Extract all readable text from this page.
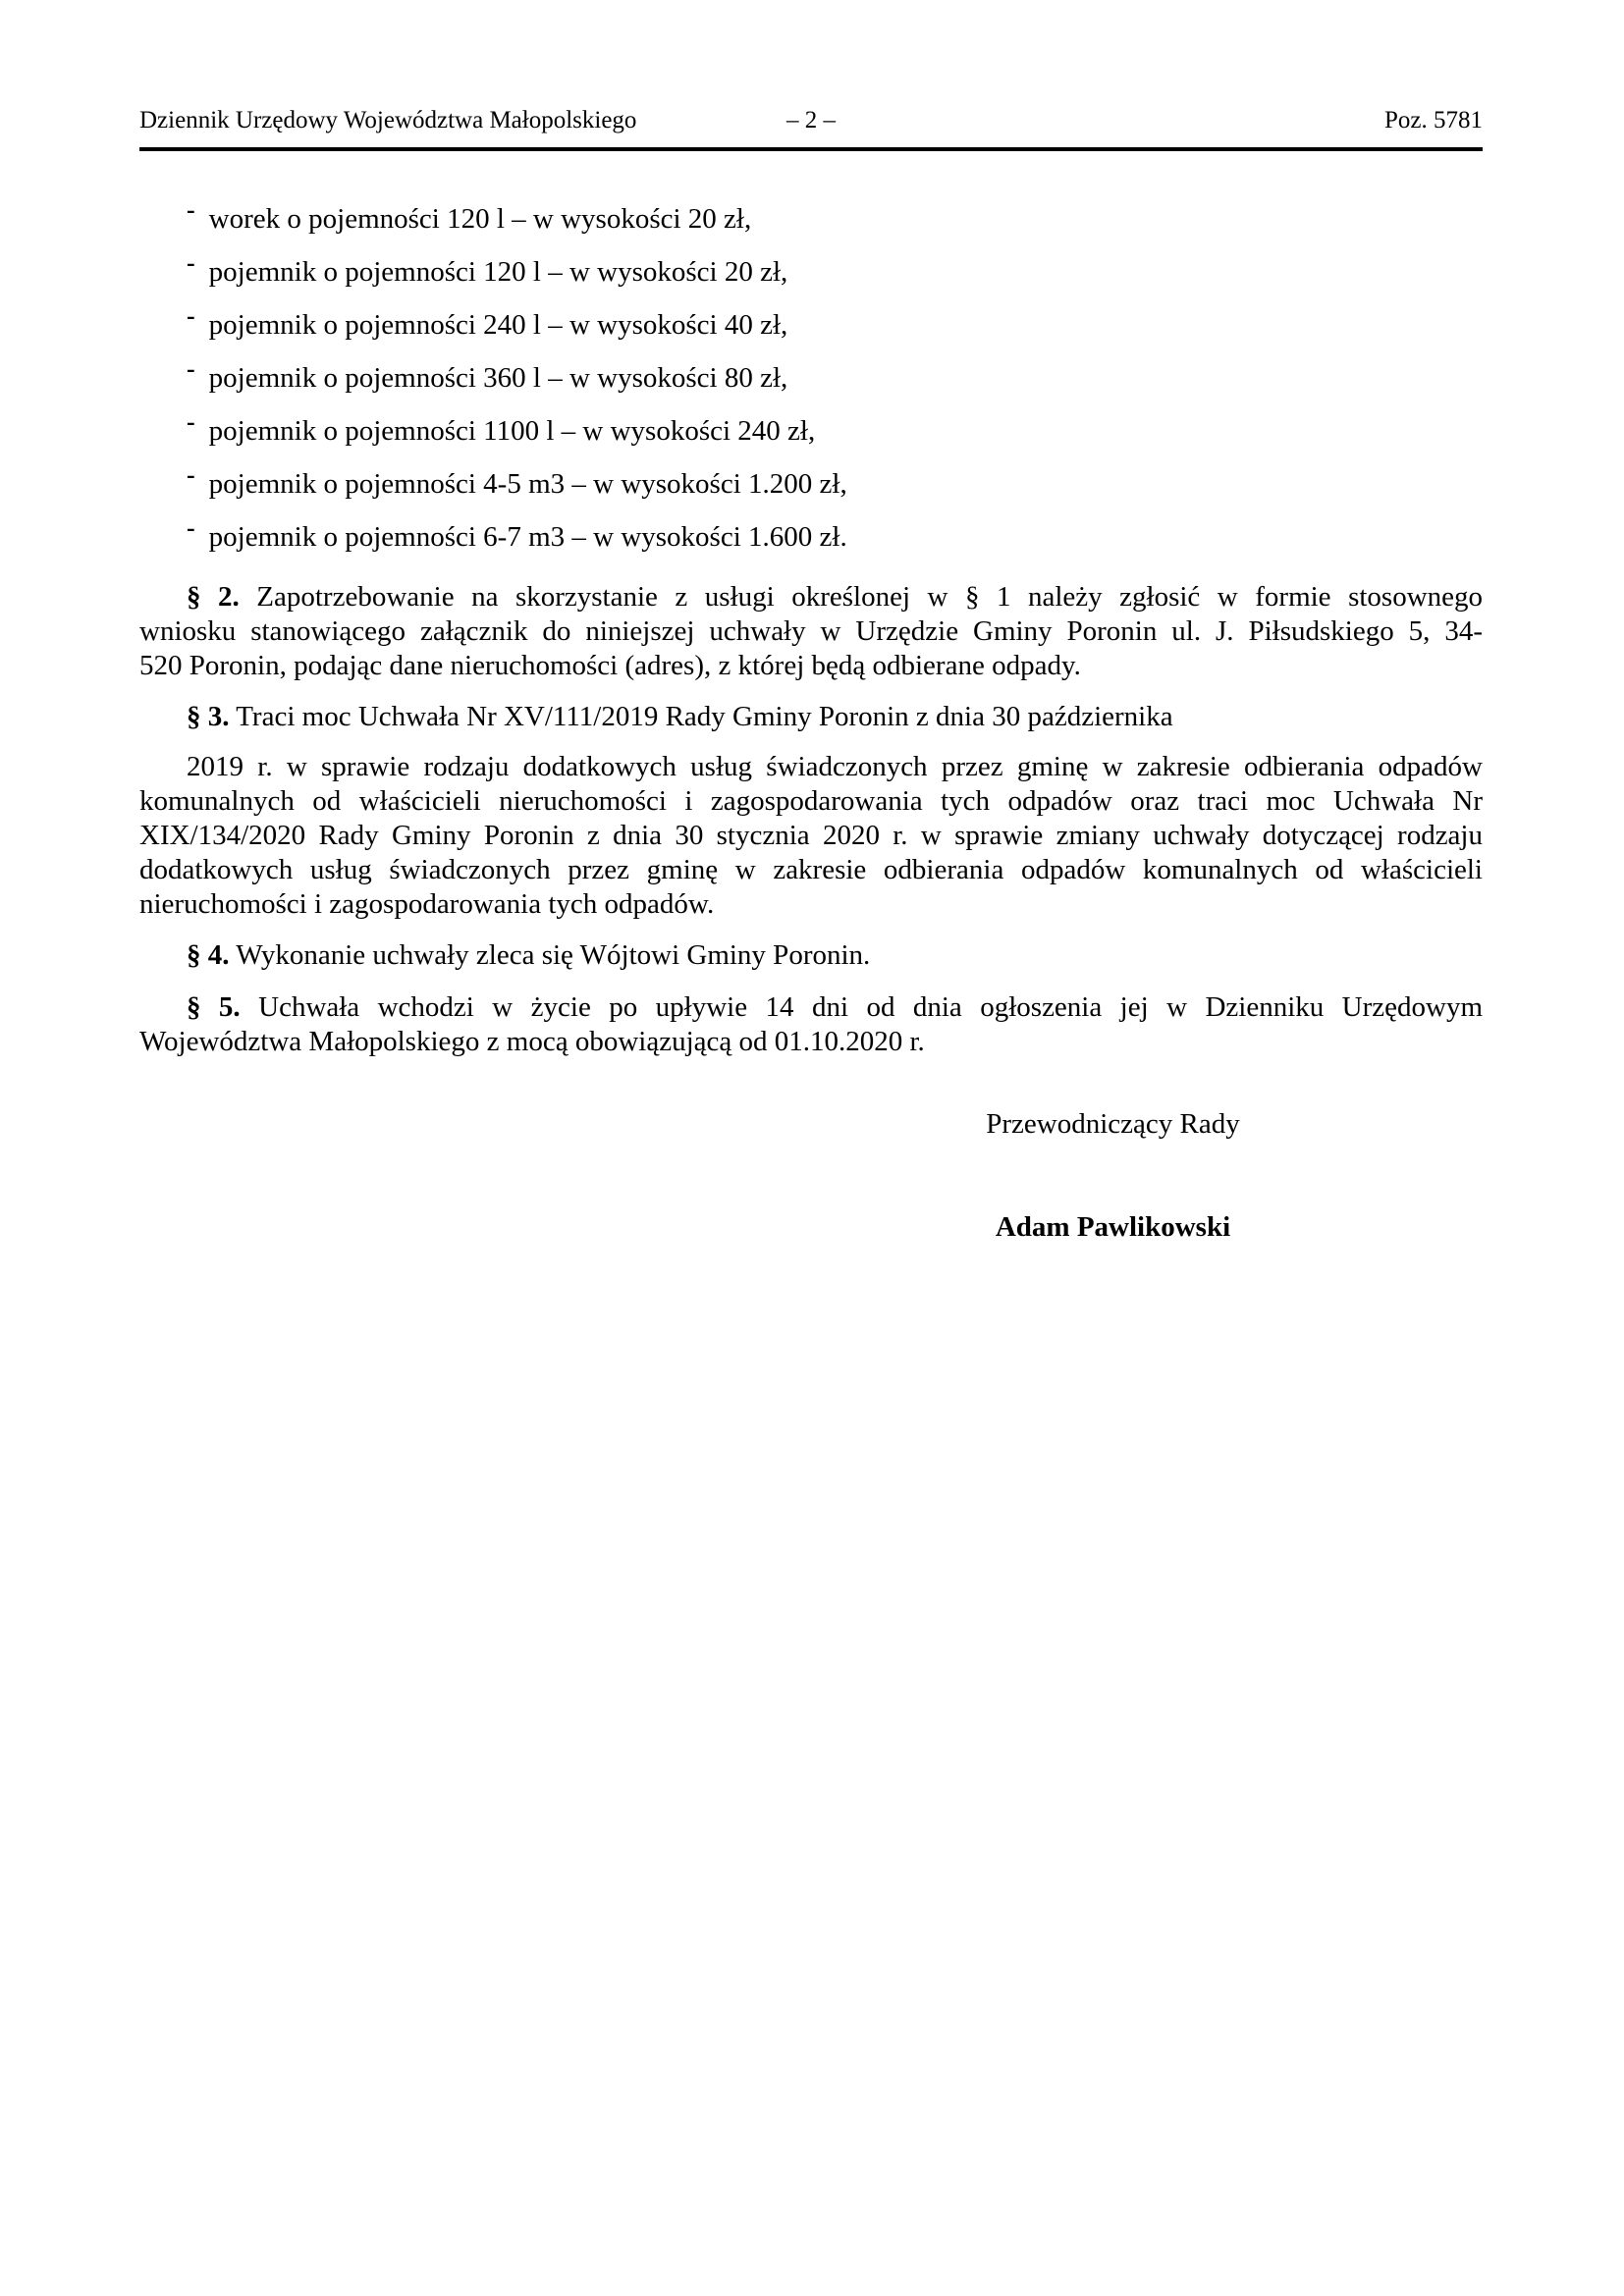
Dziennik Urzędowy Województwa Małopolskiego	– 2 –	Poz. 5781
- worek o pojemności 120 l – w wysokości 20 zł,
- pojemnik o pojemności 120 l – w wysokości 20 zł,
- pojemnik o pojemności 240 l – w wysokości 40 zł,
- pojemnik o pojemności 360 l – w wysokości 80 zł,
- pojemnik o pojemności 1100 l – w wysokości 240 zł,
- pojemnik o pojemności 4-5 m3 – w wysokości 1.200 zł,
- pojemnik o pojemności 6-7 m3 – w wysokości 1.600 zł.
§ 2. Zapotrzebowanie na skorzystanie z usługi określonej w § 1 należy zgłosić w formie stosownego
wniosku stanowiącego załącznik do niniejszej uchwały w Urzędzie Gminy Poronin ul. J. Piłsudskiego 5, 34-
520 Poronin, podając dane nieruchomości (adres), z której będą odbierane odpady.
§ 3. Traci moc Uchwała Nr XV/111/2019 Rady Gminy Poronin z dnia 30 października
2019 r. w sprawie rodzaju dodatkowych usług świadczonych przez gminę w zakresie odbierania odpadów
komunalnych od właścicieli nieruchomości i zagospodarowania tych odpadów oraz traci moc Uchwała Nr
XIX/134/2020 Rady Gminy Poronin z dnia 30 stycznia 2020 r. w sprawie zmiany uchwały dotyczącej rodzaju
dodatkowych usług świadczonych przez gminę w zakresie odbierania odpadów komunalnych od właścicieli
nieruchomości i zagospodarowania tych odpadów.
§ 4. Wykonanie uchwały zleca się Wójtowi Gminy Poronin.
§ 5. Uchwała wchodzi w życie po upływie 14 dni od dnia ogłoszenia jej w Dzienniku Urzędowym
Województwa Małopolskiego z mocą obowiązującą od 01.10.2020 r.
Przewodniczący Rady
Adam Pawlikowski
